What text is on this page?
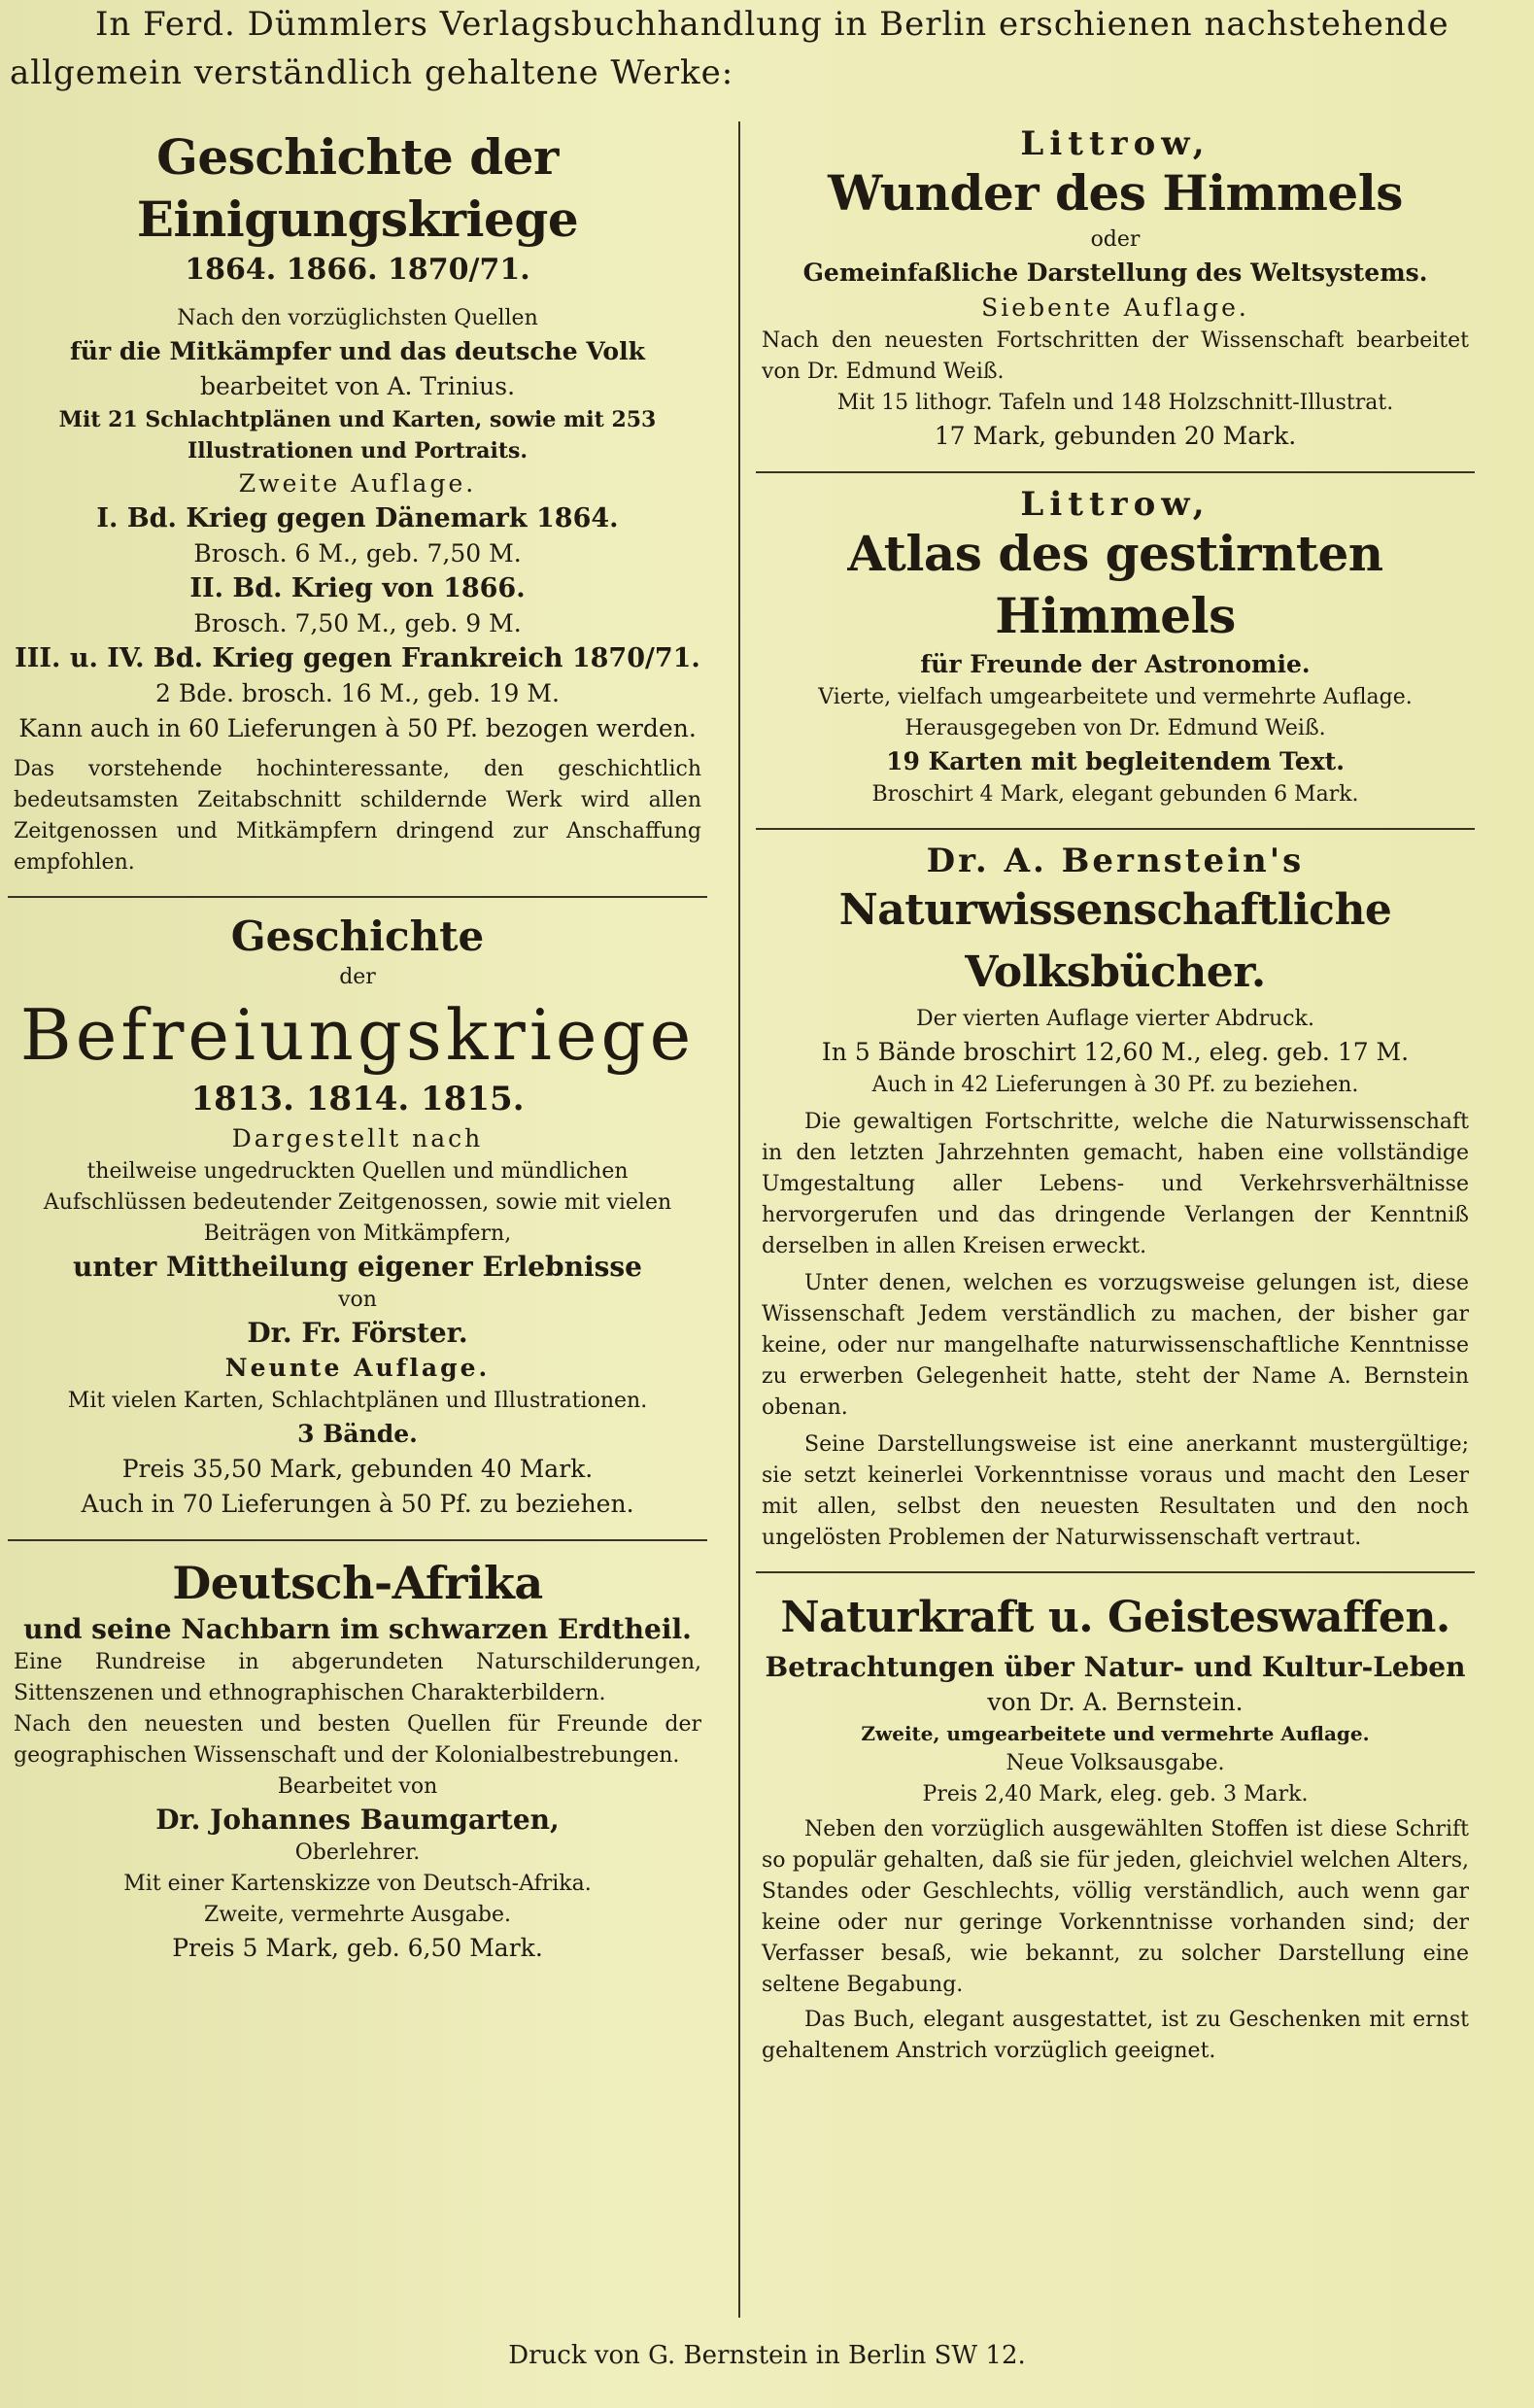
In Ferd. Dümmlers Verlagsbuchhandlung in Berlin erschienen nachstehende
allgemein verständlich gehaltene Werke:
Geschichte der Einigungskriege
1864. 1866. 1870/71.
Nach den vorzüglichsten Quellen
für die Mitkämpfer und das deutsche Volk
bearbeitet von A. Trinius.
Mit 21 Schlachtplänen und Karten, sowie mit 253
Illustrationen und Portraits.
Zweite Auflage.
I. Bd. Krieg gegen Dänemark 1864.
Brosch. 6 M., geb. 7,50 M.
II. Bd. Krieg von 1866.
Brosch. 7,50 M., geb. 9 M.
III. u. IV. Bd. Krieg gegen Frankreich 1870/71.
2 Bde. brosch. 16 M., geb. 19 M.
Kann auch in 60 Lieferungen à 50 Pf. bezogen werden.
Das vorstehende hochinteressante, den geschichtlich bedeutsamsten Zeitabschnitt schildernde Werk wird allen Zeitgenossen und Mitkämpfern dringend zur Anschaffung empfohlen.
Geschichte
der
Befreiungskriege
1813. 1814. 1815.
Dargestellt nach
theilweise ungedruckten Quellen und mündlichen Aufschlüssen bedeutender Zeitgenossen, sowie mit vielen Beiträgen von Mitkämpfern,
unter Mittheilung eigener Erlebnisse
von
Dr. Fr. Förster.
Neunte Auflage.
Mit vielen Karten, Schlachtplänen und Illustrationen.
3 Bände.
Preis 35,50 Mark, gebunden 40 Mark.
Auch in 70 Lieferungen à 50 Pf. zu beziehen.
Deutsch-Afrika
und seine Nachbarn im schwarzen Erdtheil.
Eine Rundreise in abgerundeten Naturschilderungen, Sittenszenen und ethnographischen Charakterbildern.
Nach den neuesten und besten Quellen für Freunde der geographischen Wissenschaft und der Kolonialbestrebungen.
Bearbeitet von
Dr. Johannes Baumgarten,
Oberlehrer.
Mit einer Kartenskizze von Deutsch-Afrika.
Zweite, vermehrte Ausgabe.
Preis 5 Mark, geb. 6,50 Mark.
Littrow,
Wunder des Himmels
oder
Gemeinfaßliche Darstellung des Weltsystems.
Siebente Auflage.
Nach den neuesten Fortschritten der Wissenschaft bearbeitet von Dr. Edmund Weiß.
Mit 15 lithogr. Tafeln und 148 Holzschnitt-Illustrat.
17 Mark, gebunden 20 Mark.
Littrow,
Atlas des gestirnten Himmels
für Freunde der Astronomie.
Vierte, vielfach umgearbeitete und vermehrte Auflage.
Herausgegeben von Dr. Edmund Weiß.
19 Karten mit begleitendem Text.
Broschirt 4 Mark, elegant gebunden 6 Mark.
Dr. A. Bernstein's
Naturwissenschaftliche Volksbücher.
Der vierten Auflage vierter Abdruck.
In 5 Bände broschirt 12,60 M., eleg. geb. 17 M.
Auch in 42 Lieferungen à 30 Pf. zu beziehen.
Die gewaltigen Fortschritte, welche die Naturwissenschaft in den letzten Jahrzehnten gemacht, haben eine vollständige Umgestaltung aller Lebens- und Verkehrsverhältnisse hervorgerufen und das dringende Verlangen der Kenntniß derselben in allen Kreisen erweckt.
Unter denen, welchen es vorzugsweise gelungen ist, diese Wissenschaft Jedem verständlich zu machen, der bisher gar keine, oder nur mangelhafte naturwissenschaftliche Kenntnisse zu erwerben Gelegenheit hatte, steht der Name A. Bernstein obenan.
Seine Darstellungsweise ist eine anerkannt mustergültige; sie setzt keinerlei Vorkenntnisse voraus und macht den Leser mit allen, selbst den neuesten Resultaten und den noch ungelösten Problemen der Naturwissenschaft vertraut.
Naturkraft u. Geisteswaffen.
Betrachtungen über Natur- und Kultur-Leben
von Dr. A. Bernstein.
Zweite, umgearbeitete und vermehrte Auflage.
Neue Volksausgabe.
Preis 2,40 Mark, eleg. geb. 3 Mark.
Neben den vorzüglich ausgewählten Stoffen ist diese Schrift so populär gehalten, daß sie für jeden, gleichviel welchen Alters, Standes oder Geschlechts, völlig verständlich, auch wenn gar keine oder nur geringe Vorkenntnisse vorhanden sind; der Verfasser besaß, wie bekannt, zu solcher Darstellung eine seltene Begabung.
Das Buch, elegant ausgestattet, ist zu Geschenken mit ernst gehaltenem Anstrich vorzüglich geeignet.
Druck von G. Bernstein in Berlin SW 12.
